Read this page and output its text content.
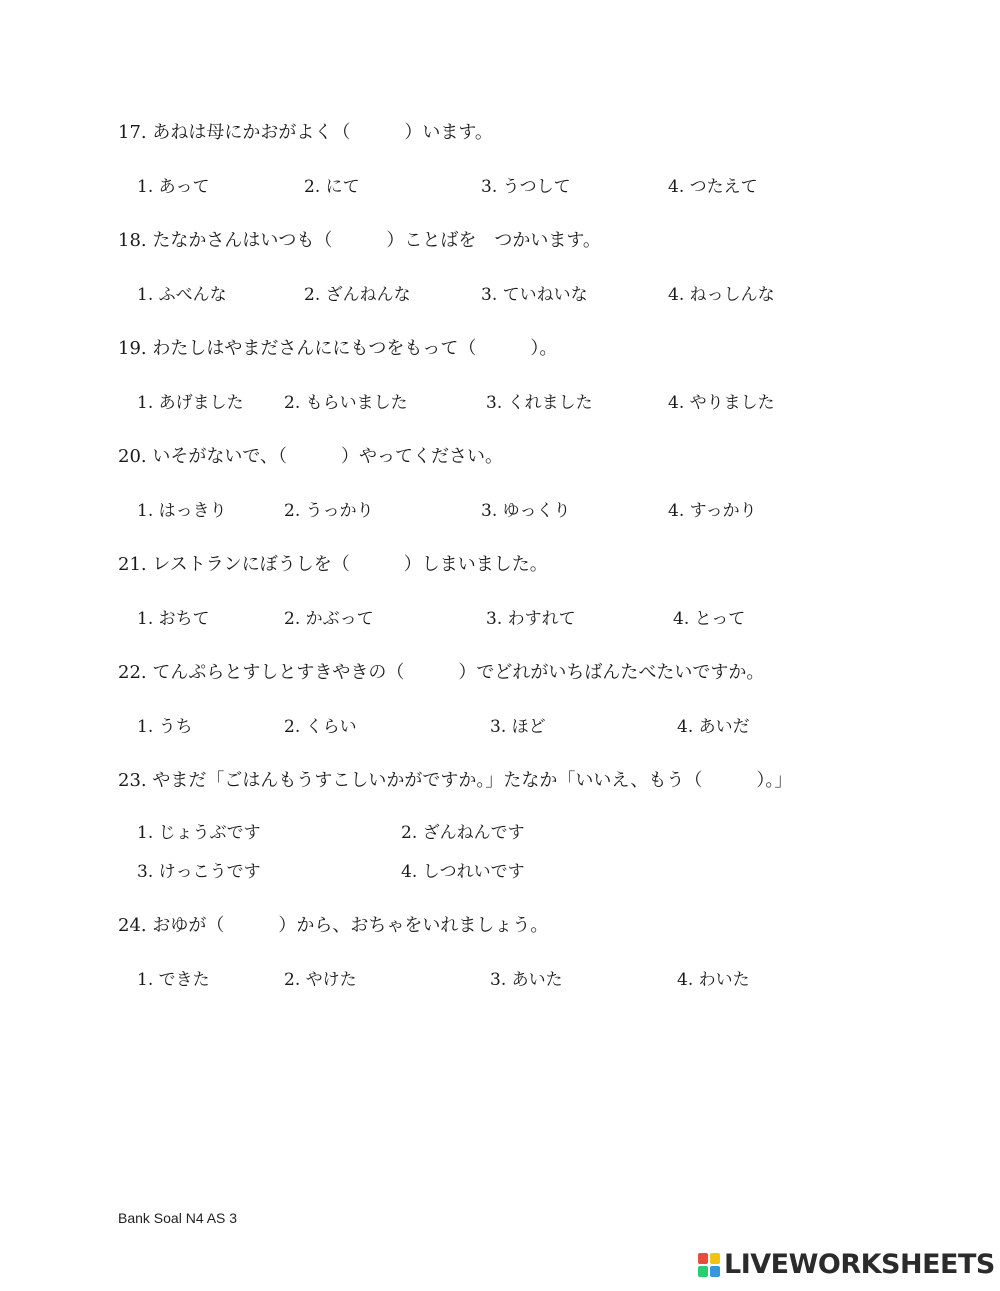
17. あねは母にかおがよく（　　　）います。
1. あって	2. にて	3. うつして	4. つたえて
18. たなかさんはいつも（　　　）ことばを　つかいます。
1. ふべんな	2. ざんねんな	3. ていねいな	4. ねっしんな
19. わたしはやまださんににもつをもって（　　　）。
1. あげました 2. もらいました	3. くれました	4. やりました
20. いそがないで、（　　　）やってください。
1. はっきり	2. うっかり	3. ゆっくり	4. すっかり
21. レストランにぼうしを（　　　）しまいました。
1. おちて	2. かぶって	3. わすれて	4. とって
22. てんぷらとすしとすきやきの（　　　）でどれがいちばんたべたいですか。
1. うち	2. くらい	3. ほど	4. あいだ
23. やまだ「ごはんもうすこしいかがですか。」たなか「いいえ、もう（　　　）。」
1. じょうぶです	2. ざんねんです
3. けっこうです	4. しつれいです
24. おゆが（　　　）から、おちゃをいれましょう。
1. できた	2. やけた	3. あいた	4. わいた
Bank Soal N4 AS 3
LIVEWORKSHEETS
